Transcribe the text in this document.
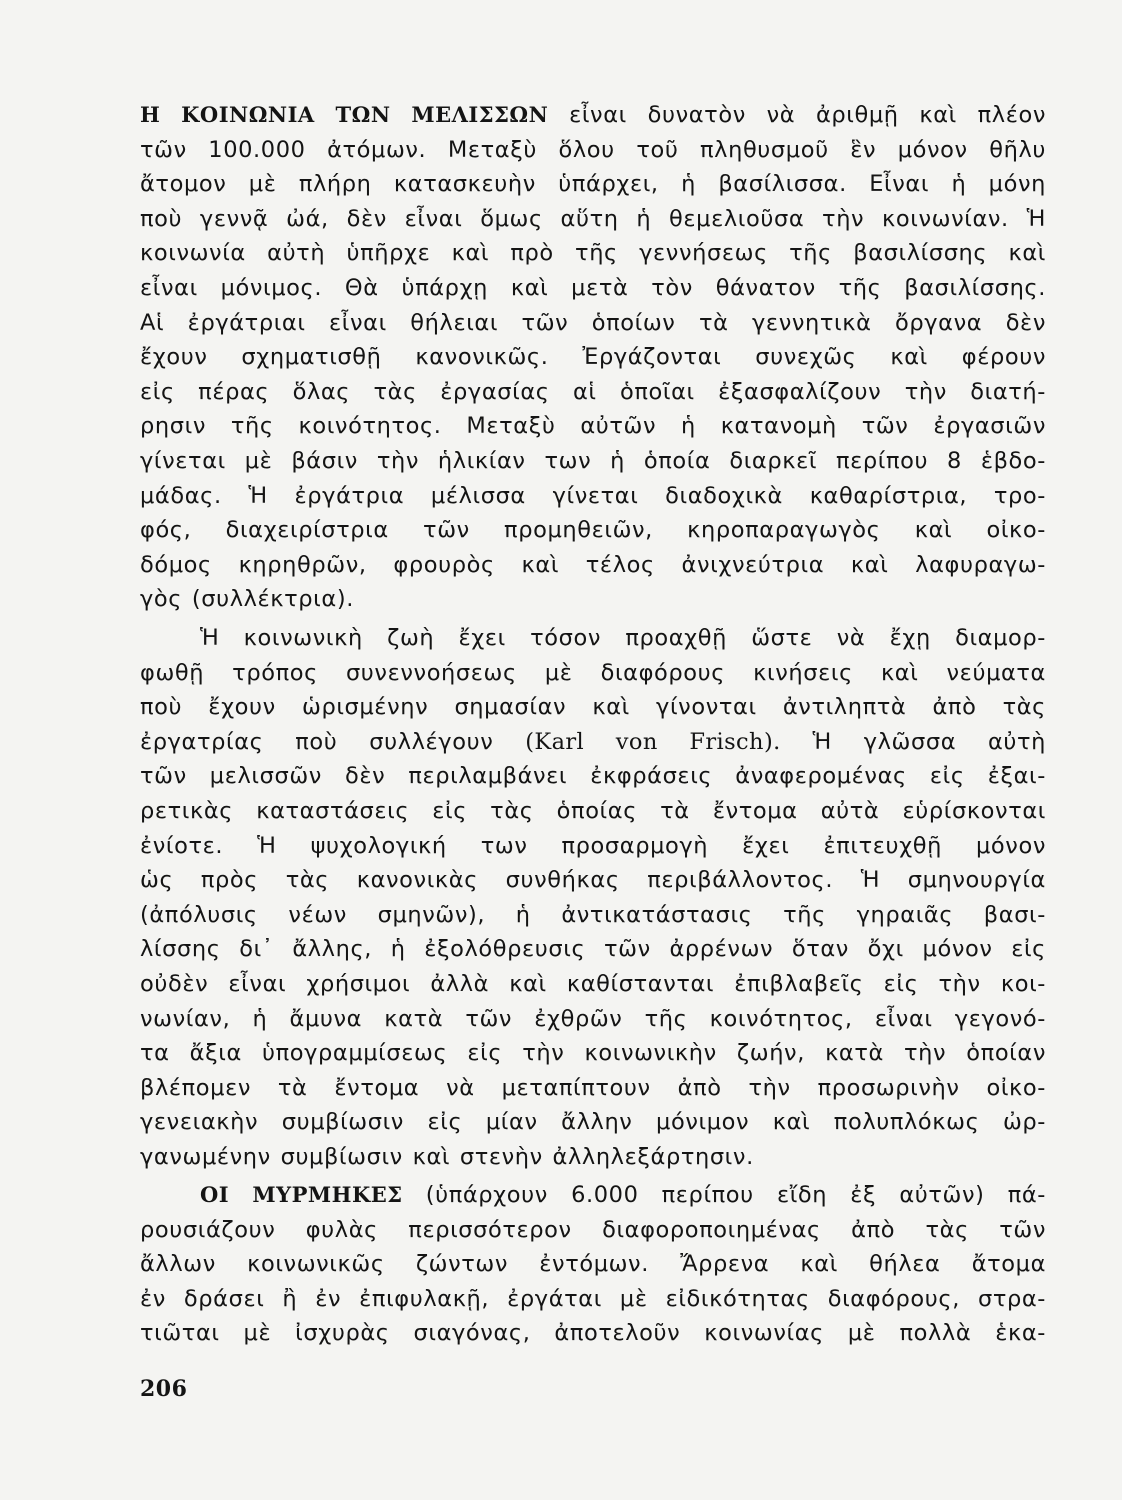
Η ΚΟΙΝΩΝΙΑ ΤΩΝ ΜΕΛΙΣΣΩΝ εἶναι δυνατὸν νὰ ἀριθμῇ καὶ πλέον
τῶν 100.000 ἀτόμων. Μεταξὺ ὅλου τοῦ πληθυσμοῦ ἓν μόνον θῆλυ
ἄτομον μὲ πλήρη κατασκευὴν ὑπάρχει, ἡ βασίλισσα. Εἶναι ἡ μόνη
ποὺ γεννᾷ ὠά, δὲν εἶναι ὅμως αὕτη ἡ θεμελιοῦσα τὴν κοινωνίαν. Ἡ
κοινωνία αὐτὴ ὑπῆρχε καὶ πρὸ τῆς γεννήσεως τῆς βασιλίσσης καὶ
εἶναι μόνιμος. Θὰ ὑπάρχῃ καὶ μετὰ τὸν θάνατον τῆς βασιλίσσης.
Αἱ ἐργάτριαι εἶναι θήλειαι τῶν ὁποίων τὰ γεννητικὰ ὄργανα δὲν
ἔχουν σχηματισθῇ κανονικῶς. Ἐργάζονται συνεχῶς καὶ φέρουν
εἰς πέρας ὅλας τὰς ἐργασίας αἱ ὁποῖαι ἐξασφαλίζουν τὴν διατή-
ρησιν τῆς κοινότητος. Μεταξὺ αὐτῶν ἡ κατανομὴ τῶν ἐργασιῶν
γίνεται μὲ βάσιν τὴν ἡλικίαν των ἡ ὁποία διαρκεῖ περίπου 8 ἑβδο-
μάδας. Ἡ ἐργάτρια μέλισσα γίνεται διαδοχικὰ καθαρίστρια, τρο-
φός, διαχειρίστρια τῶν προμηθειῶν, κηροπαραγωγὸς καὶ οἰκο-
δόμος κηρηθρῶν, φρουρὸς καὶ τέλος ἀνιχνεύτρια καὶ λαφυραγω-
γὸς (συλλέκτρια).
Ἡ κοινωνικὴ ζωὴ ἔχει τόσον προαχθῇ ὥστε νὰ ἔχῃ διαμορ-
φωθῇ τρόπος συνεννοήσεως μὲ διαφόρους κινήσεις καὶ νεύματα
ποὺ ἔχουν ὡρισμένην σημασίαν καὶ γίνονται ἀντιληπτὰ ἀπὸ τὰς
ἐργατρίας ποὺ συλλέγουν (Karl von Frisch). Ἡ γλῶσσα αὐτὴ
τῶν μελισσῶν δὲν περιλαμβάνει ἐκφράσεις ἀναφερομένας εἰς ἐξαι-
ρετικὰς καταστάσεις εἰς τὰς ὁποίας τὰ ἔντομα αὐτὰ εὑρίσκονται
ἐνίοτε. Ἡ ψυχολογική των προσαρμογὴ ἔχει ἐπιτευχθῇ μόνον
ὡς πρὸς τὰς κανονικὰς συνθήκας περιβάλλοντος. Ἡ σμηνουργία
(ἀπόλυσις νέων σμηνῶν), ἡ ἀντικατάστασις τῆς γηραιᾶς βασι-
λίσσης δι᾽ ἄλλης, ἡ ἐξολόθρευσις τῶν ἀρρένων ὅταν ὄχι μόνον εἰς
οὐδὲν εἶναι χρήσιμοι ἀλλὰ καὶ καθίστανται ἐπιβλαβεῖς εἰς τὴν κοι-
νωνίαν, ἡ ἄμυνα κατὰ τῶν ἐχθρῶν τῆς κοινότητος, εἶναι γεγονό-
τα ἄξια ὑπογραμμίσεως εἰς τὴν κοινωνικὴν ζωήν, κατὰ τὴν ὁποίαν
βλέπομεν τὰ ἔντομα νὰ μεταπίπτουν ἀπὸ τὴν προσωρινὴν οἰκο-
γενειακὴν συμβίωσιν εἰς μίαν ἄλλην μόνιμον καὶ πολυπλόκως ὠρ-
γανωμένην συμβίωσιν καὶ στενὴν ἀλληλεξάρτησιν.
ΟΙ ΜΥΡΜΗΚΕΣ (ὑπάρχουν 6.000 περίπου εἴδη ἐξ αὐτῶν) πά-
ρουσιάζουν φυλὰς περισσότερον διαφοροποιημένας ἀπὸ τὰς τῶν
ἄλλων κοινωνικῶς ζώντων ἐντόμων. Ἄρρενα καὶ θήλεα ἄτομα
ἐν δράσει ἢ ἐν ἐπιφυλακῇ, ἐργάται μὲ εἰδικότητας διαφόρους, στρα-
τιῶται μὲ ἰσχυρὰς σιαγόνας, ἀποτελοῦν κοινωνίας μὲ πολλὰ ἑκα-
206
